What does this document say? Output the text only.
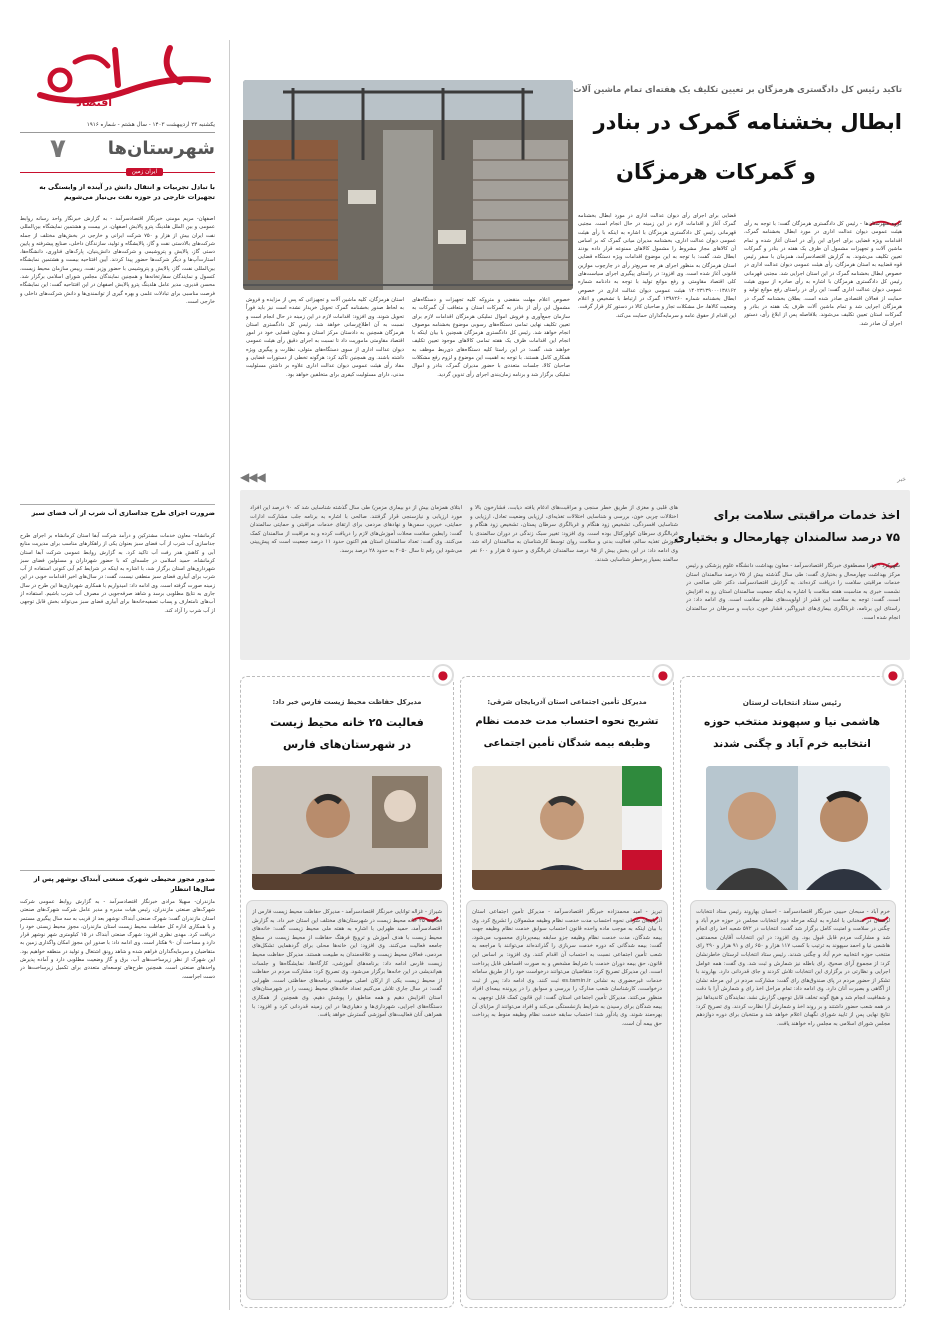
اقتصاد
یکشنبه ۲۳ اردیبهشت ۱۴۰۳ - سال هشتم - شماره ۱۹۱۶
شهرستان‌ها
۷
ایران زمین
با تبادل تجربیات و انتقال دانش در آینده از وابستگی به تجهیزات خارجی در حوزه نفت بی‌نیاز می‌شویم
اصفهان- مریم مومنی خبرنگار اقتصادسرآمد - به گزارش خبرنگار واحد رسانه روابط عمومی و بین الملل هلدینگ پترو پالایش اصفهان، در بیست و هشتمین نمایشگاه بین‌المللی نفت ایران بیش از هزار و ۷۵۰ شرکت ایرانی و خارجی در بخش‌های مختلف از جمله شرکت‌های بالادستی نفت و گاز، پالایشگاه و تولید، سازندگان داخلی، صنایع پیشرفته و پایین دستی گاز، پالایش و پتروشیمی و شرکت‌های دانش‌بنیان، پارک‌های فناوری، دانشگاه‌ها، استارت‌آپ‌ها و دیگر شرکت‌ها حضور پیدا کردند. آیین افتتاحیه بیست و هشتمین نمایشگاه بین‌المللی نفت، گاز، پالایش و پتروشیمی با حضور وزیر نفت، رییس سازمان محیط زیست، کنسول و نمایندگان سفارتخانه‌ها و همچنین نمایندگان مجلس شورای اسلامی برگزار شد. محسن قدیری، مدیر عامل هلدینگ پترو پالایش اصفهان در این افتتاحیه گفت: این نمایشگاه فرصت مناسبی برای تبادلات علمی و بهره گیری از توانمندی‌ها و دانش شرکت‌های داخلی و خارجی است.
ضرورت اجرای طرح جداسازی آب شرب از آب فضای سبز
کرمانشاه- معاون خدمات مشترکین و درآمد شرکت آبفا استان کرمانشاه بر اجرای طرح جداسازی آب شرب از آب فضای سبز بعنوان یکی از راهکارهای مناسب برای مدیریت منابع آبی و کاهش هدر رفت آب تاکید کرد. به گزارش روابط عمومی شرکت آبفا استان کرمانشاه، حمید اسلامی در جلسه‌ای که با حضور شهرداران و مسئولین فضای سبز شهرداری‌های استان برگزار شد، با اشاره به اینکه در شرایط کم آبی کنونی استفاده از آب شرب برای آبیاری فضای سبز منطقی نیست، گفت: در سال‌های اخیر اقدامات خوبی در این زمینه صورت گرفته است. وی ادامه داد: امیدواریم با همکاری شهرداری‌ها این طرح در سال جاری به نتایج مطلوبی برسد و شاهد صرفه‌جویی در مصرف آب شرب باشیم. استفاده از آب‌های نامتعارف و پساب تصفیه‌خانه‌ها برای آبیاری فضای سبز می‌تواند بخش قابل توجهی از آب شرب را آزاد کند.
صدور مجوز محیطی شهرک صنعتی آبنداک نوشهر پس از سال‌ها انتظار
مازندران- سهیلا مرادی خبرنگار اقتصادسرآمد - به گزارش روابط عمومی شرکت شهرک‌های صنعتی مازندران، رئیس هیات مدیره و مدیر عامل شرکت شهرک‌های صنعتی استان مازندران گفت: شهرک صنعتی آبنداک نوشهر بعد از قریب به سه سال پیگیری مستمر و با همکاری اداره کل حفاظت محیط زیست استان مازندران، مجوز محیط زیستی خود را دریافت کرد. مهدی نظری افزود: شهرک صنعتی آبنداک در ۱۵ کیلومتری شهر نوشهر قرار دارد و مساحت آن ۹۰ هکتار است. وی ادامه داد: با صدور این مجوز امکان واگذاری زمین به متقاضیان و سرمایه‌گذاران فراهم شده و شاهد رونق اشتغال و تولید در منطقه خواهیم بود. این شهرک از نظر زیرساخت‌های آب، برق و گاز وضعیت مطلوبی دارد و آماده پذیرش واحدهای صنعتی است. همچنین طرح‌های توسعه‌ای متعددی برای تکمیل زیرساخت‌ها در دست اجراست.
تاکید رئیس کل دادگستری هرمزگان بر تعیین تکلیف یک هفته‌ای تمام ماشین آلات
ابطال بخشنامه گمرک در بنادر
و گمرکات هرمزگان
گروه شهرستان‌ها - رئیس کل دادگستری هرمزگان گفت: با توجه به رأی هیئت عمومی دیوان عدالت اداری در مورد ابطال بخشنامه گمرک، اقدامات ویژه قضایی برای اجرای این رأی در استان آغاز شده و تمام ماشین آلات و تجهیزات مشمول آن ظرف یک هفته در بنادر و گمرکات تعیین تکلیف می‌شوند. به گزارش اقتصادسرآمد، همزمان با سفر رئیس قوه قضاییه به استان هرمزگان، رأی هیئت عمومی دیوان عدالت اداری در خصوص ابطال بخشنامه گمرک در این استان اجرایی شد. مجتبی قهرمانی رئیس کل دادگستری هرمزگان با اشاره به رأی صادره از سوی هیئت عمومی دیوان عدالت اداری گفت: این رأی در راستای رفع موانع تولید و حمایت از فعالان اقتصادی صادر شده است. بطلان بخشنامه گمرک در هرمزگان اجرایی شد و تمام ماشین آلات ظرف یک هفته در بنادر و گمرکات استان تعیین تکلیف می‌شوند. بلافاصله پس از ابلاغ رأی، دستور اجرای آن صادر شد.
قضایی برای اجرای رأی دیوان عدالت اداری در مورد ابطال بخشنامه گمرک آغاز و اقدامات لازم در این زمینه در حال انجام است. مجتبی قهرمانی رئیس کل دادگستری هرمزگان با اشاره به اینکه با رأی هیئت عمومی دیوان عدالت اداری، بخشنامه مدیران میانی گمرک که بر اساس آن کالاهای مجاز مشروط را مشمول کالاهای ممنوعه قرار داده بودند ابطال شد، گفت: با توجه به این موضوع اقدامات ویژه دستگاه قضایی استان هرمزگان به منظور اجرای هر چه سریع‌تر رأی در چارچوب موازین قانونی آغاز شده است. وی افزود: در راستای پیگیری اجرای سیاست‌های کلی اقتصاد مقاومتی و رفع موانع تولید با توجه به دادنامه شماره ۱۴۰۲۳۱۳۹۰۰۰۱۳۸۱۶۲ هیئت عمومی دیوان عدالت اداری در خصوص ابطال بخشنامه شماره ۱۳۹۸۲۶۰ گمرک در ارتباط با تشخیص و اعلام وضعیت کالاها، حل مشکلات تجار و صاحبان کالا در دستور کار قرار گرفت. این اقدام از حقوق عامه و سرمایه‌گذاران حمایت می‌کند.
خصوص اعلام مهلت منقضی و متروکه کلیه تجهیزات و دستگاه‌های مشمول این رأی از بنادر به گمرکات استان و متعاقب آن گمرکات به سازمان جمع‌آوری و فروش اموال تملیکی هرمزگان اقدامات لازم برای تعیین تکلیف نهایی تمامی دستگاه‌های رسوبی موضوع بخشنامه موصوف انجام خواهد شد. رئیس کل دادگستری هرمزگان همچنین با بیان اینکه با انجام این اقدامات ظرف یک هفته تمامی کالاهای موجود تعیین تکلیف خواهند شد، گفت: در این راستا کلیه دستگاه‌های ذی‌ربط موظف به همکاری کامل هستند. با توجه به اهمیت این موضوع و لزوم رفع مشکلات صاحبان کالا، جلسات متعددی با حضور مدیران گمرک، بنادر و اموال تملیکی برگزار شد و برنامه زمان‌بندی اجرای رأی تدوین گردید.
استان هرمزگان، کلیه ماشین آلات و تجهیزاتی که پس از مزایده و فروش به لحاظ صدور بخشنامه گمرک تحویل خریدار نشده است نیز باید فوراً تحویل شوند. وی افزود: اقدامات لازم در این زمینه در حال انجام است و نسبت به آن اطلاع‌رسانی خواهد شد. رئیس کل دادگستری استان هرمزگان همچنین به دادستان مرکز استان و معاون قضایی خود در امور اقتصاد مقاومتی ماموریت داد تا نسبت به اجرای دقیق رأی هیئت عمومی دیوان عدالت اداری از سوی دستگاه‌های متولی، نظارت و پیگیری ویژه داشته باشند. وی همچنین تأکید کرد: هرگونه تخطی از دستورات قضایی و مفاد رأی هیئت عمومی دیوان عدالت اداری علاوه بر داشتن مسئولیت مدنی، دارای مسئولیت کیفری برای متخلفین خواهد بود.
◀◀◀	خبر
اخذ خدمات مراقبتی سلامت برای
۷۵ درصد سالمندان چهارمحال و بختیاری
شهرکرد - زهرا مصطفوی خبرنگار اقتصادسرآمد - معاون بهداشت دانشگاه علوم پزشکی و رئیس مرکز بهداشت چهارمحال و بختیاری گفت: طی سال گذشته بیش از ۷۵ درصد سالمندان استان خدمات مراقبتی سلامت را دریافت کرده‌اند. به گزارش اقتصادسرآمد، دکتر علی صالحی در نشست خبری به مناسبت هفته سلامت با اشاره به اینکه جمعیت سالمندان استان رو به افزایش است، گفت: توجه به سلامت این قشر از اولویت‌های نظام سلامت است. وی ادامه داد: در راستای این برنامه، غربالگری بیماری‌های غیرواگیر، فشار خون، دیابت و سرطان در سالمندان انجام شده است.
های قلبی و مغزی از طریق خطر سنجی و مراقبت‌های ادغام یافته دیابت، فشارخون بالا و اختلالات چربی خون، بررسی و شناسایی اختلالات تغذیه‌ای، ارزیابی وضعیت تعادل، ارزیابی و شناسایی افسردگی، تشخیص زود هنگام و غربالگری سرطان پستان، تشخیص زود هنگام و غربالگری سرطان کولورکتال بوده است. وی افزود: تغییر سبک زندگی در دوران سالمندی با آموزش تغذیه سالم، فعالیت بدنی و سلامت روان توسط کارشناسان به سالمندان ارائه شد. وی ادامه داد: در این بخش بیش از ۹۵ درصد سالمندان غربالگری و حدود ۵ هزار و ۶۰۰ نفر سالمند بسیار پرخطر شناسایی شدند.
ابتلای همزمان بیش از دو بیماری مزمن) طی سال گذشته شناسایی شد که ۹۰ درصد این افراد مورد ارزیابی و نیازسنجی قرار گرفتند. صالحی با اشاره به برنامه جلب مشارکت ادارات حمایتی، خیرین، سمن‌ها و نهادهای مردمی برای ارتقای خدمات مراقبتی و حمایتی سالمندان گفت: رابطین سلامت محلات آموزش‌های لازم را دریافت کرده و به مراقبت از سالمندان کمک می‌کنند. وی گفت: تعداد سالمندان استان هم اکنون حدود ۱۱ درصد جمعیت است که پیش‌بینی می‌شود این رقم تا سال ۲۰۵۰ به حدود ۲۸ درصد برسد.
●
رئیس ستاد انتخابات لرستان
هاشمی نیا و سپهوند منتخب حوزه
انتخابیه خرم آباد و چگنی شدند
خرم آباد - سبحان حبیبی خبرنگار اقتصادسرآمد - احسان بهاروند رئیس ستاد انتخابات لرستان در سخنانی با اشاره به اینکه مرحله دوم انتخابات مجلس در حوزه خرم آباد و چگنی در سلامت و امنیت کامل برگزار شد گفت: انتخابات در ۵۷۲ شعبه اخذ رای انجام شد و مشارکت مردم قابل قبول بود. وی افزود: در این انتخابات آقایان محمدتقی هاشمی نیا و احمد سپهوند به ترتیب با کسب ۱۱۷ هزار و ۶۵۰ رای و ۹۱ هزار و ۴۹۰ رای منتخب حوزه انتخابیه خرم آباد و چگنی شدند. رئیس ستاد انتخابات لرستان خاطرنشان کرد: از مجموع آرای صحیح، رای باطله نیز شمارش و ثبت شد. وی گفت: همه عوامل اجرایی و نظارتی در برگزاری این انتخابات تلاش کردند و جای قدردانی دارد. بهاروند با تشکر از حضور مردم در پای صندوق‌های رای گفت: مشارکت مردم در این مرحله نشان از آگاهی و بصیرت آنان دارد. وی ادامه داد: تمام مراحل اخذ رای و شمارش آرا با دقت و شفافیت انجام شد و هیچ گونه تخلف قابل توجهی گزارش نشد. نمایندگان کاندیداها نیز در همه شعب حضور داشتند و بر روند اخذ و شمارش آرا نظارت کردند. وی تصریح کرد: نتایج نهایی پس از تایید شورای نگهبان اعلام خواهد شد و منتخبان برای دوره دوازدهم مجلس شورای اسلامی به مجلس راه خواهند یافت.
●
مدیرکل تأمین اجتماعی استان آذربایجان شرقی:
تشریح نحوه احتساب مدت خدمت نظام
وظیفه بیمه شدگان تأمین اجتماعی
تبریز - امید محمدزاده خبرنگار اقتصادسرآمد - مدیرکل تأمین اجتماعی استان آذربایجان شرقی نحوه احتساب مدت خدمت نظام وظیفه مشمولان را تشریح کرد. وی با بیان اینکه به موجب ماده واحده قانون احتساب سوابق خدمت نظام وظیفه جهت بیمه شدگان، مدت خدمت نظام وظیفه جزو سابقه بیمه‌پردازی محسوب می‌شود، گفت: بیمه شدگانی که دوره خدمت سربازی را گذرانده‌اند می‌توانند با مراجعه به شعب تأمین اجتماعی نسبت به احتساب آن اقدام کنند. وی افزود: بر اساس این قانون، حق بیمه دوران خدمت با شرایط مشخص و به صورت اقساطی قابل پرداخت است. این مدیرکل تصریح کرد: متقاضیان می‌توانند درخواست خود را از طریق سامانه خدمات غیرحضوری به نشانی es.tamin.ir ثبت کنند. وی ادامه داد: پس از ثبت درخواست، کارشناسان شعب مدارک را بررسی و سوابق را در پرونده بیمه‌ای افراد منظور می‌کنند. مدیرکل تأمین اجتماعی استان گفت: این قانون کمک قابل توجهی به بیمه شدگان برای رسیدن به شرایط بازنشستگی می‌کند و افراد می‌توانند از مزایای آن بهره‌مند شوند. وی یادآور شد: احتساب سابقه خدمت نظام وظیفه منوط به پرداخت حق بیمه آن است.
●
مدیرکل حفاظت محیط زیست فارس خبر داد:
فعالیت ۲۵ خانه محیط زیست
در شهرستان‌های فارس
شیراز - غزاله توانایی خبرنگار اقتصادسرآمد - مدیرکل حفاظت محیط زیست فارس از فعالیت ۲۵ خانه محیط زیست در شهرستان‌های مختلف این استان خبر داد. به گزارش اقتصادسرآمد، حمید ظهرابی با اشاره به هفته ملی محیط زیست گفت: خانه‌های محیط زیست با هدف آموزش و ترویج فرهنگ حفاظت از محیط زیست در سطح جامعه فعالیت می‌کنند. وی افزود: این خانه‌ها محلی برای گردهمایی تشکل‌های مردمی، فعالان محیط زیست و علاقه‌مندان به طبیعت هستند. مدیرکل حفاظت محیط زیست فارس ادامه داد: برنامه‌های آموزشی، کارگاه‌ها، نمایشگاه‌ها و جلسات هم‌اندیشی در این خانه‌ها برگزار می‌شود. وی تصریح کرد: مشارکت مردم در حفاظت از محیط زیست یکی از ارکان اصلی موفقیت برنامه‌های حفاظتی است. ظهرابی گفت: در سال جاری تلاش می‌کنیم تعداد خانه‌های محیط زیست را در شهرستان‌های استان افزایش دهیم و همه مناطق را پوشش دهیم. وی همچنین از همکاری دستگاه‌های اجرایی، شهرداری‌ها و دهیاری‌ها در این زمینه قدردانی کرد و افزود: با همراهی آنان فعالیت‌های آموزشی گسترش خواهد یافت.
